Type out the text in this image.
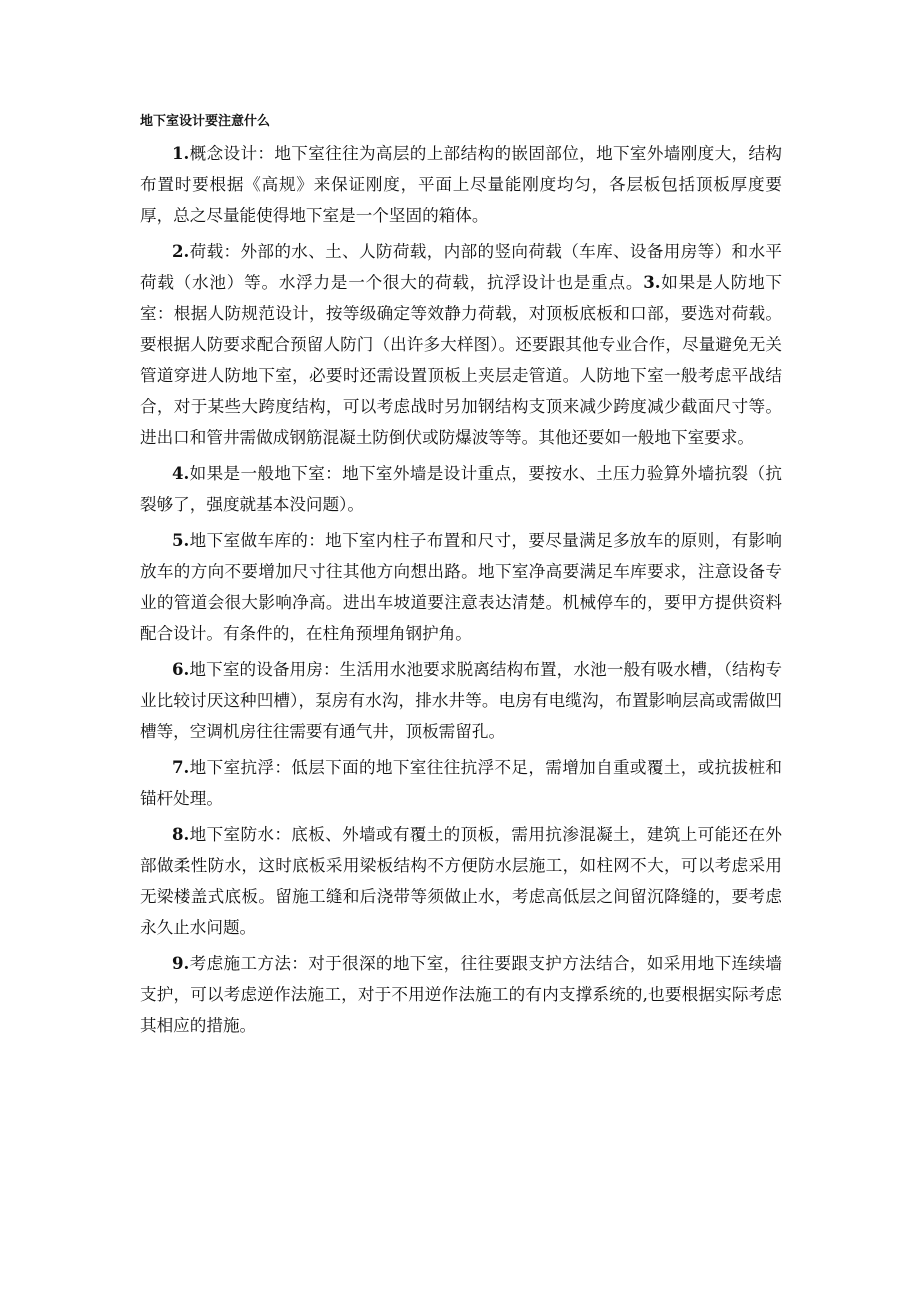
地下室设计要注意什么

1.概念设计：地下室往往为高层的上部结构的嵌固部位，地下室外墙刚度大，结构布置时要根据《高规》来保证刚度，平面上尽量能刚度均匀，各层板包括顶板厚度要厚，总之尽量能使得地下室是一个坚固的箱体。

2.荷载：外部的水、土、人防荷载，内部的竖向荷载（车库、设备用房等）和水平荷载（水池）等。水浮力是一个很大的荷载，抗浮设计也是重点。3.如果是人防地下室：根据人防规范设计，按等级确定等效静力荷载，对顶板底板和口部，要选对荷载。要根据人防要求配合预留人防门（出许多大样图）。还要跟其他专业合作，尽量避免无关管道穿进人防地下室，必要时还需设置顶板上夹层走管道。人防地下室一般考虑平战结合，对于某些大跨度结构，可以考虑战时另加钢结构支顶来减少跨度减少截面尺寸等。进出口和管井需做成钢筋混凝土防倒伏或防爆波等等。其他还要如一般地下室要求。

4.如果是一般地下室：地下室外墙是设计重点，要按水、土压力验算外墙抗裂（抗裂够了，强度就基本没问题）。

5.地下室做车库的：地下室内柱子布置和尺寸，要尽量满足多放车的原则，有影响放车的方向不要增加尺寸往其他方向想出路。地下室净高要满足车库要求，注意设备专业的管道会很大影响净高。进出车坡道要注意表达清楚。机械停车的，要甲方提供资料配合设计。有条件的，在柱角预埋角钢护角。

6.地下室的设备用房：生活用水池要求脱离结构布置，水池一般有吸水槽，（结构专业比较讨厌这种凹槽），泵房有水沟，排水井等。电房有电缆沟，布置影响层高或需做凹槽等，空调机房往往需要有通气井，顶板需留孔。

7.地下室抗浮：低层下面的地下室往往抗浮不足，需增加自重或覆土，或抗拔桩和锚杆处理。

8.地下室防水：底板、外墙或有覆土的顶板，需用抗渗混凝土，建筑上可能还在外部做柔性防水，这时底板采用梁板结构不方便防水层施工，如柱网不大，可以考虑采用无梁楼盖式底板。留施工缝和后浇带等须做止水，考虑高低层之间留沉降缝的，要考虑永久止水问题。

9.考虑施工方法：对于很深的地下室，往往要跟支护方法结合，如采用地下连续墙支护，可以考虑逆作法施工，对于不用逆作法施工的有内支撑系统的,也要根据实际考虑其相应的措施。
